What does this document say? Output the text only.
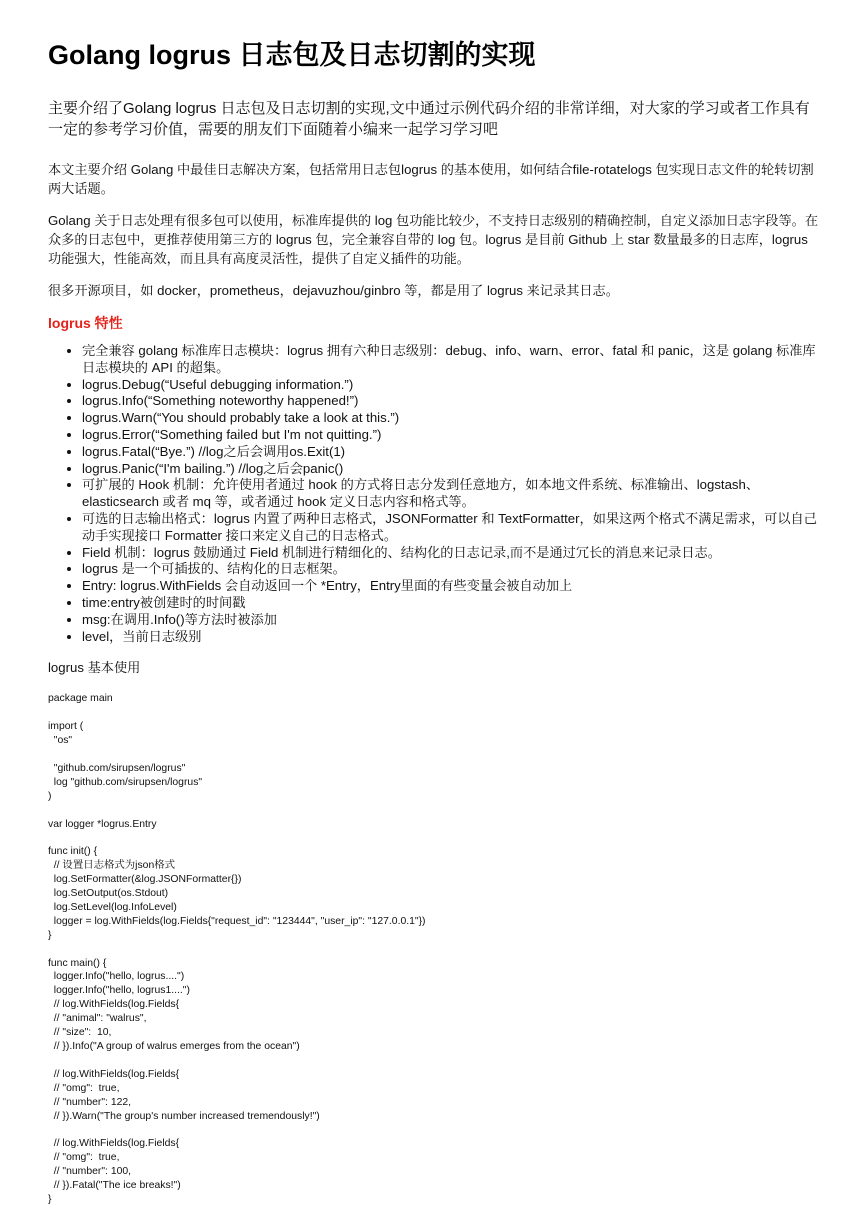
Golang logrus 日志包及日志切割的实现

主要介绍了Golang logrus 日志包及日志切割的实现,文中通过示例代码介绍的非常详细，对大家的学习或者工作具有一定的参考学习价值，需要的朋友们下面随着小编来一起学习学习吧

本文主要介绍 Golang 中最佳日志解决方案，包括常用日志包logrus 的基本使用，如何结合file-rotatelogs 包实现日志文件的轮转切割两大话题。

Golang 关于日志处理有很多包可以使用，标准库提供的 log 包功能比较少，不支持日志级别的精确控制，自定义添加日志字段等。在众多的日志包中，更推荐使用第三方的 logrus 包，完全兼容自带的 log 包。logrus 是目前 Github 上 star 数量最多的日志库，logrus 功能强大，性能高效，而且具有高度灵活性，提供了自定义插件的功能。

很多开源项目，如 docker，prometheus，dejavuzhou/ginbro 等，都是用了 logrus 来记录其日志。

logrus 特性
• 完全兼容 golang 标准库日志模块：logrus 拥有六种日志级别：debug、info、warn、error、fatal 和 panic，这是 golang 标准库日志模块的 API 的超集。
• logrus.Debug(“Useful debugging information.”)
• logrus.Info(“Something noteworthy happened!”)
• logrus.Warn(“You should probably take a look at this.”)
• logrus.Error(“Something failed but I'm not quitting.”)
• logrus.Fatal(“Bye.”) //log之后会调用os.Exit(1)
• logrus.Panic(“I'm bailing.”) //log之后会panic()
• 可扩展的 Hook 机制：允许使用者通过 hook 的方式将日志分发到任意地方，如本地文件系统、标准输出、logstash、elasticsearch 或者 mq 等，或者通过 hook 定义日志内容和格式等。
• 可选的日志输出格式：logrus 内置了两种日志格式，JSONFormatter 和 TextFormatter，如果这两个格式不满足需求，可以自己动手实现接口 Formatter 接口来定义自己的日志格式。
• Field 机制：logrus 鼓励通过 Field 机制进行精细化的、结构化的日志记录,而不是通过冗长的消息来记录日志。
• logrus 是一个可插拔的、结构化的日志框架。
• Entry: logrus.WithFields 会自动返回一个 *Entry，Entry里面的有些变量会被自动加上
• time:entry被创建时的时间戳
• msg:在调用.Info()等方法时被添加
• level，当前日志级别
logrus 基本使用
package main

import (
"os"

"github.com/sirupsen/logrus"
log "github.com/sirupsen/logrus"
)

var logger *logrus.Entry

func init() {
// 设置日志格式为json格式
log.SetFormatter(&log.JSONFormatter{})
log.SetOutput(os.Stdout)
log.SetLevel(log.InfoLevel)
logger = log.WithFields(log.Fields{"request_id": "123444", "user_ip": "127.0.0.1"})
}

func main() {
logger.Info("hello, logrus....")
logger.Info("hello, logrus1....")
// log.WithFields(log.Fields{
// "animal": "walrus",
// "size":  10,
// }).Info("A group of walrus emerges from the ocean")

// log.WithFields(log.Fields{
// "omg":  true,
// "number": 122,
// }).Warn("The group's number increased tremendously!")

// log.WithFields(log.Fields{
// "omg":  true,
// "number": 100,
// }).Fatal("The ice breaks!")
}
